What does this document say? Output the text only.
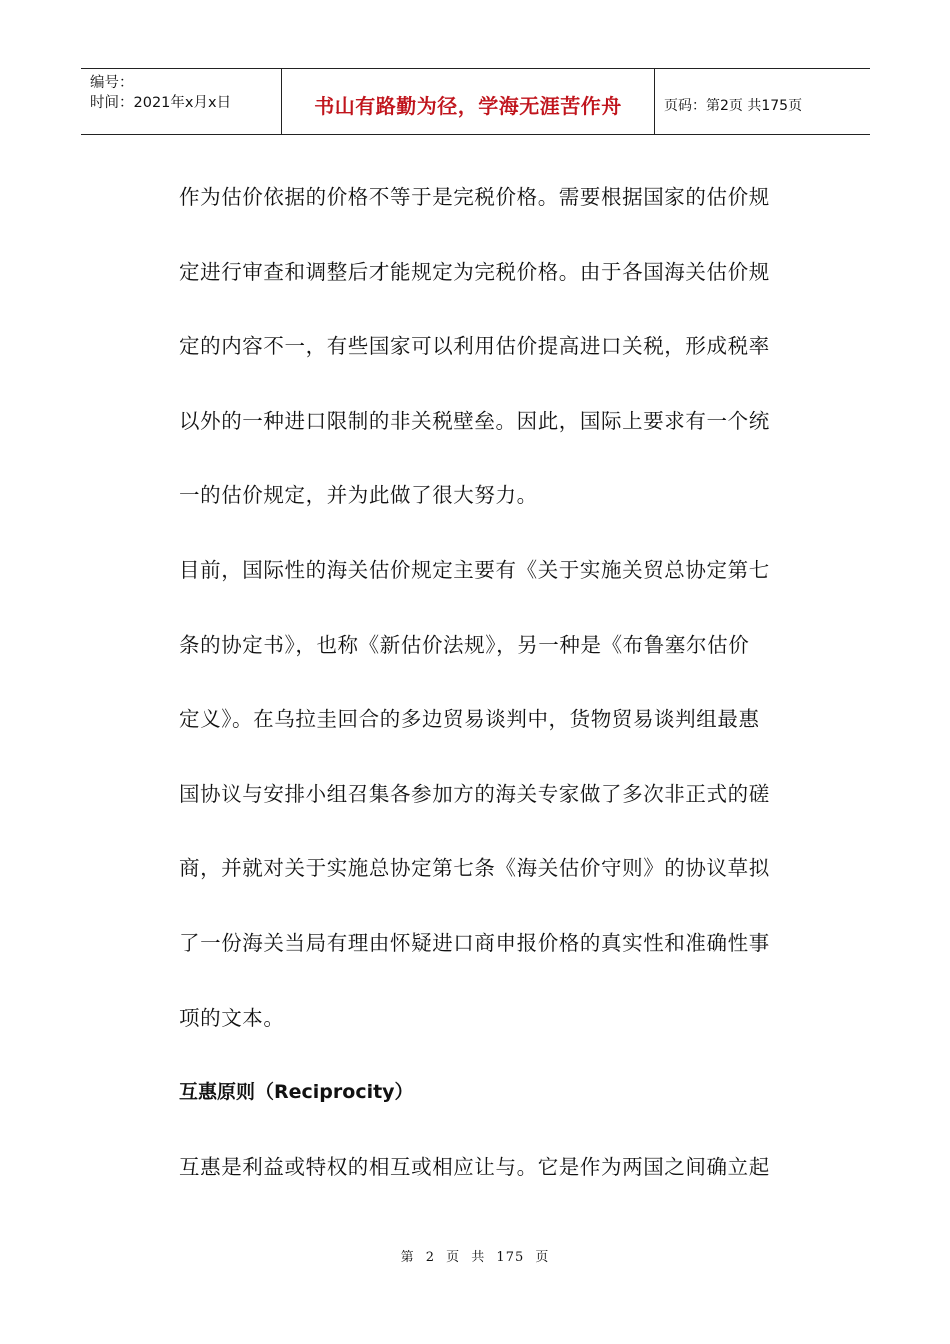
编号：
时间：2021年x月x日	书山有路勤为径，学海无涯苦作舟	页码：第2页 共175页
作为估价依据的价格不等于是完税价格。需要根据国家的估价规
定进行审查和调整后才能规定为完税价格。由于各国海关估价规
定的内容不一，有些国家可以利用估价提高进口关税，形成税率
以外的一种进口限制的非关税壁垒。因此，国际上要求有一个统
一的估价规定，并为此做了很大努力。
目前，国际性的海关估价规定主要有《关于实施关贸总协定第七
条的协定书》，也称《新估价法规》，另一种是《布鲁塞尔估价
定义》。在乌拉圭回合的多边贸易谈判中，货物贸易谈判组最惠
国协议与安排小组召集各参加方的海关专家做了多次非正式的磋
商，并就对关于实施总协定第七条《海关估价守则》的协议草拟
了一份海关当局有理由怀疑进口商申报价格的真实性和准确性事
项的文本。
互惠原则（Reciprocity）
互惠是利益或特权的相互或相应让与。它是作为两国之间确立起
第 2 页 共 175 页
